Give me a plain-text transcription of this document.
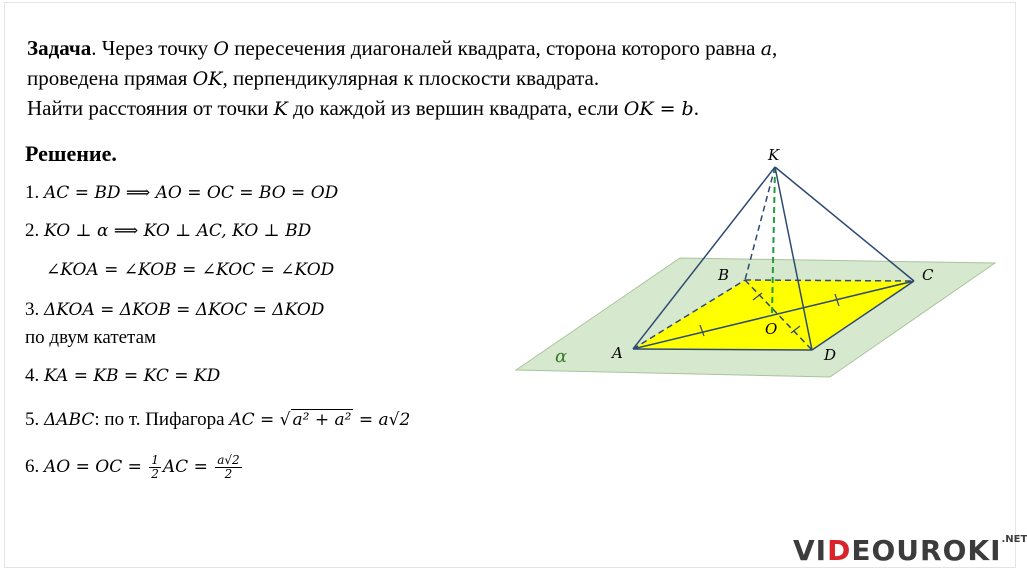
Задача. Через точку O пересечения диагоналей квадрата, сторона которого равна a,
проведена прямая OK, перпендикулярная к плоскости квадрата.
Найти расстояния от точки K до каждой из вершин квадрата, если OK = b.
Решение.
1. AC = BD ⟹ AO = OC = BO = OD
2. KO ⊥ α ⟹ KO ⊥ AC, KO ⊥ BD
∠KOA = ∠KOB = ∠KOC = ∠KOD
3. ΔKOA = ΔKOB = ΔKOC = ΔKOD
по двум катетам
4. KA = KB = KC = KD
5. ΔABC: по т. Пифагора AC = √ a² + a² = a√2
6. AO = OC = $\frac{1}{2}$ AC = $\frac{a√2}{2}$
K
B	C
O
A	D
α
$VIDEOUROKI^{.NET}$
